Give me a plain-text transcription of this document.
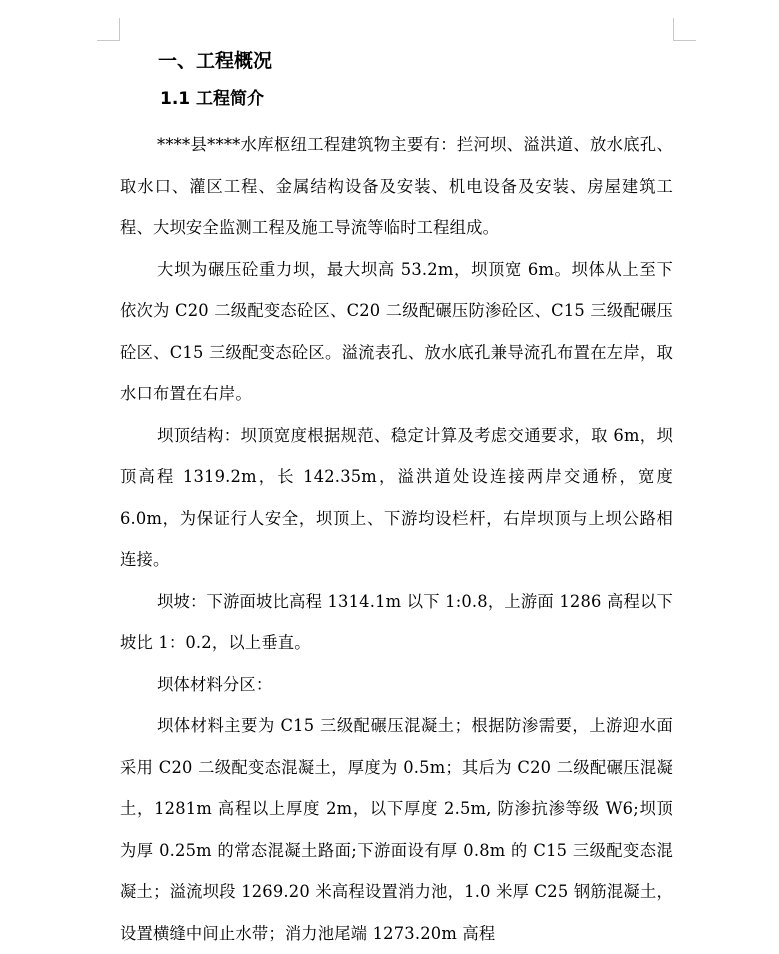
一、工程概况
1.1 工程简介

****县****水库枢纽工程建筑物主要有：拦河坝、溢洪道、放水底孔、取水口、灌区工程、金属结构设备及安装、机电设备及安装、房屋建筑工程、大坝安全监测工程及施工导流等临时工程组成。

大坝为碾压砼重力坝，最大坝高 53.2m，坝顶宽 6m。坝体从上至下依次为 C20 二级配变态砼区、C20 二级配碾压防渗砼区、C15 三级配碾压砼区、C15 三级配变态砼区。溢流表孔、放水底孔兼导流孔布置在左岸，取水口布置在右岸。

坝顶结构：坝顶宽度根据规范、稳定计算及考虑交通要求，取 6m，坝顶高程 1319.2m，长 142.35m，溢洪道处设连接两岸交通桥，宽度 6.0m，为保证行人安全，坝顶上、下游均设栏杆，右岸坝顶与上坝公路相连接。

坝坡：下游面坡比高程 1314.1m 以下 1:0.8，上游面 1286 高程以下坡比 1：0.2，以上垂直。

坝体材料分区：

坝体材料主要为 C15 三级配碾压混凝土；根据防渗需要，上游迎水面采用 C20 二级配变态混凝土，厚度为 0.5m；其后为 C20 二级配碾压混凝土，1281m 高程以上厚度 2m，以下厚度 2.5m, 防渗抗渗等级 W6;坝顶为厚 0.25m 的常态混凝土路面;下游面设有厚 0.8m 的 C15 三级配变态混凝土；溢流坝段 1269.20 米高程设置消力池，1.0 米厚 C25 钢筋混凝土，设置横缝中间止水带；消力池尾端 1273.20m 高程
